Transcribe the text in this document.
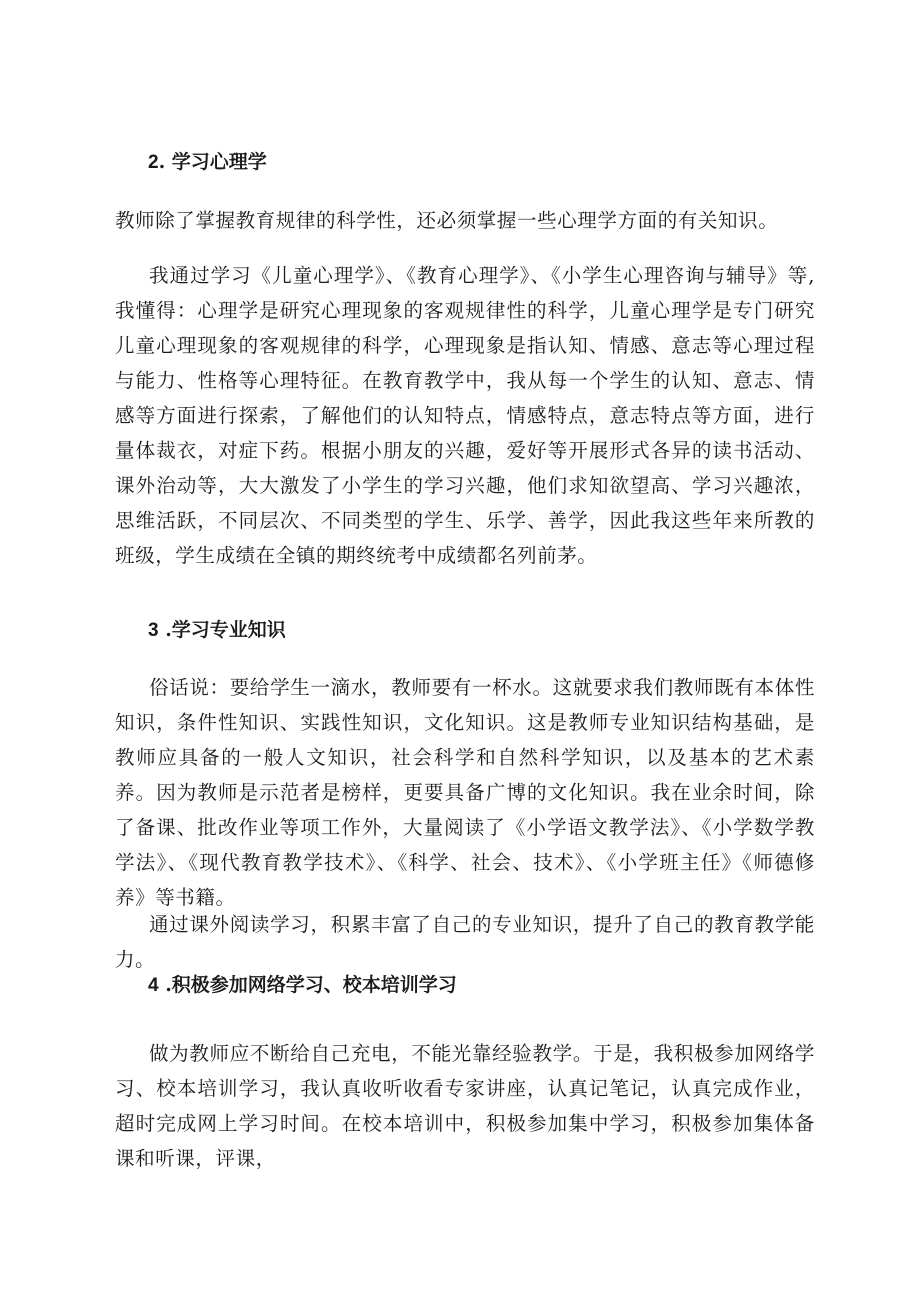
2. 学习心理学

教师除了掌握教育规律的科学性，还必须掌握一些心理学方面的有关知识。

我通过学习《儿童心理学》、《教育心理学》、《小学生心理咨询与辅导》等,我懂得：心理学是研究心理现象的客观规律性的科学，儿童心理学是专门研究儿童心理现象的客观规律的科学，心理现象是指认知、情感、意志等心理过程与能力、性格等心理特征。在教育教学中，我从每一个学生的认知、意志、情感等方面进行探索，了解他们的认知特点，情感特点，意志特点等方面，进行量体裁衣，对症下药。根据小朋友的兴趣，爱好等开展形式各异的读书活动、课外治动等，大大激发了小学生的学习兴趣，他们求知欲望高、学习兴趣浓，思维活跃，不同层次、不同类型的学生、乐学、善学，因此我这些年来所教的班级，学生成绩在全镇的期终统考中成绩都名列前茅。

3 .学习专业知识

俗话说：要给学生一滴水，教师要有一杯水。这就要求我们教师既有本体性知识，条件性知识、实践性知识，文化知识。这是教师专业知识结构基础，是教师应具备的一般人文知识，社会科学和自然科学知识，以及基本的艺术素养。因为教师是示范者是榜样，更要具备广博的文化知识。我在业余时间，除了备课、批改作业等项工作外，大量阅读了《小学语文教学法》、《小学数学教学法》、《现代教育教学技术》、《科学、社会、技术》、《小学班主任》《师德修养》等书籍。

通过课外阅读学习，积累丰富了自己的专业知识，提升了自己的教育教学能力。

4 .积极参加网络学习、校本培训学习

做为教师应不断给自己充电，不能光靠经验教学。于是，我积极参加网络学习、校本培训学习，我认真收听收看专家讲座，认真记笔记，认真完成作业，超时完成网上学习时间。在校本培训中，积极参加集中学习，积极参加集体备课和听课，评课，
